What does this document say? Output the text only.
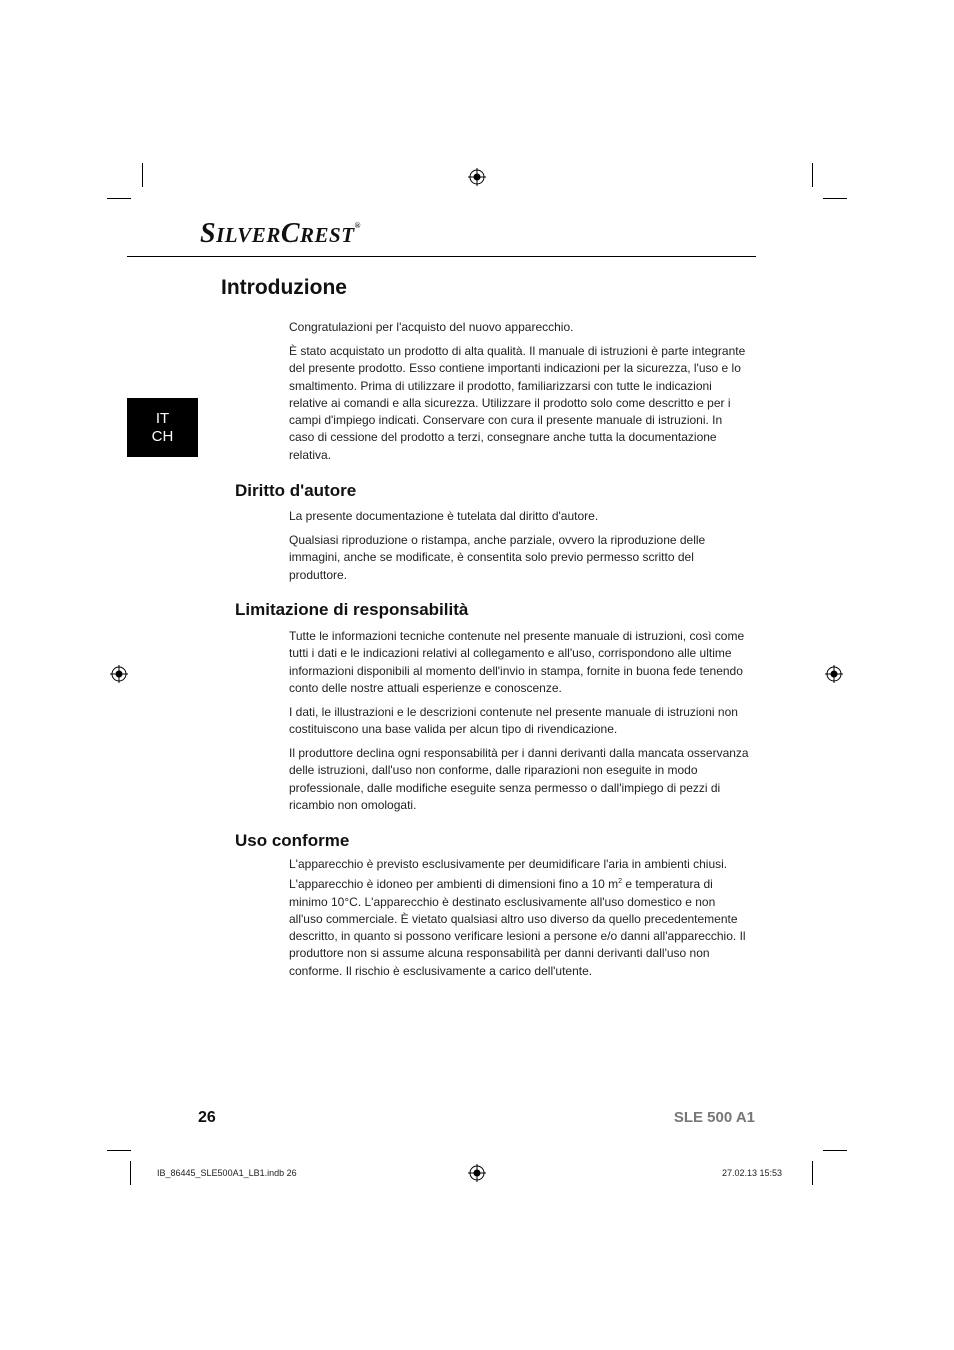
SILVERCREST®
IT
CH
Introduzione

Congratulazioni per l'acquisto del nuovo apparecchio.

È stato acquistato un prodotto di alta qualità. Il manuale di istruzioni è parte integrante del presente prodotto. Esso contiene importanti indicazioni per la sicurezza, l'uso e lo smaltimento. Prima di utilizzare il prodotto, familiarizzarsi con tutte le indicazioni relative ai comandi e alla sicurezza. Utilizzare il prodotto solo come descritto e per i campi d'impiego indicati. Conservare con cura il presente manuale di istruzioni. In caso di cessione del prodotto a terzi, consegnare anche tutta la documentazione relativa.

Diritto d'autore

La presente documentazione è tutelata dal diritto d'autore.

Qualsiasi riproduzione o ristampa, anche parziale, ovvero la riproduzione delle immagini, anche se modificate, è consentita solo previo permesso scritto del produttore.

Limitazione di responsabilità

Tutte le informazioni tecniche contenute nel presente manuale di istruzioni, così come tutti i dati e le indicazioni relativi al collegamento e all'uso, corrispondono alle ultime informazioni disponibili al momento dell'invio in stampa, fornite in buona fede tenendo conto delle nostre attuali esperienze e conoscenze.

I dati, le illustrazioni e le descrizioni contenute nel presente manuale di istruzioni non costituiscono una base valida per alcun tipo di rivendicazione.

Il produttore declina ogni responsabilità per i danni derivanti dalla mancata osservanza delle istruzioni, dall'uso non conforme, dalle riparazioni non eseguite in modo professionale, dalle modifiche eseguite senza permesso o dall'impiego di pezzi di ricambio non omologati.

Uso conforme

L'apparecchio è previsto esclusivamente per deumidificare l'aria in ambienti chiusi. L'apparecchio è idoneo per ambienti di dimensioni fino a 10 $m^2$ e temperatura di minimo 10°C. L'apparecchio è destinato esclusivamente all'uso domestico e non all'uso commerciale. È vietato qualsiasi altro uso diverso da quello precedentemente descritto, in quanto si possono verificare lesioni a persone e/o danni all'apparecchio. Il produttore non si assume alcuna responsabilità per danni derivanti dall'uso non conforme. Il rischio è esclusivamente a carico dell'utente.

26	SLE 500 A1
IB_86445_SLE500A1_LB1.indb 26	27.02.13 15:53
